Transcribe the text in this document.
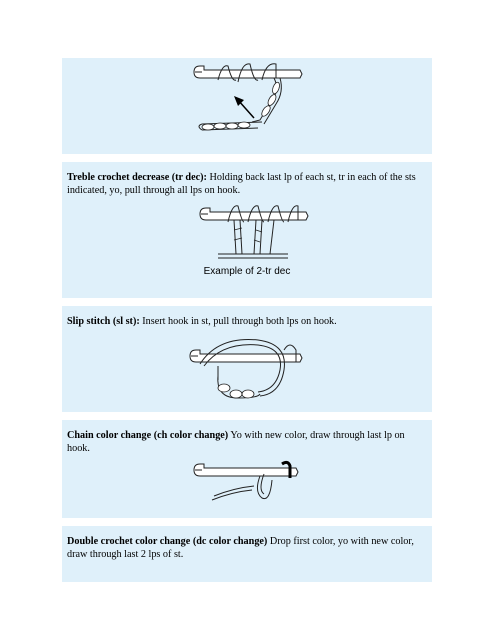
Treble crochet decrease (tr dec): Holding back last lp of each st, tr in each of the sts indicated, yo, pull through all lps on hook.
Example of 2-tr dec
Slip stitch (sl st): Insert hook in st, pull through both lps on hook.
Chain color change (ch color change) Yo with new color, draw through last lp on hook.
Double crochet color change (dc color change) Drop first color, yo with new color, draw through last 2 lps of st.
